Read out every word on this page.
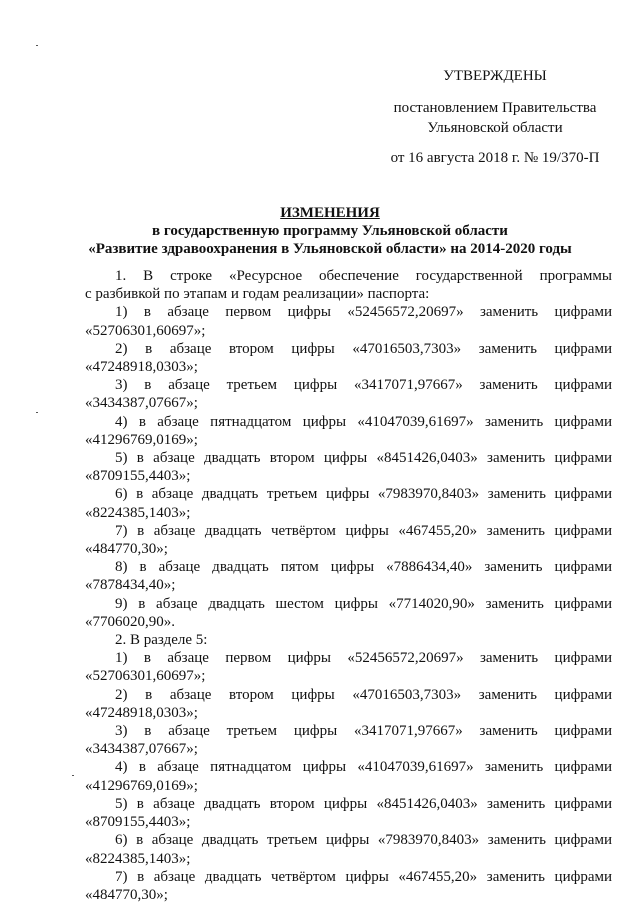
УТВЕРЖДЕНЫ
постановлением Правительства
Ульяновской области
от 16 августа 2018 г. № 19/370-П
ИЗМЕНЕНИЯ
в государственную программу Ульяновской области
«Развитие здравоохранения в Ульяновской области» на 2014-2020 годы

1. В строке «Ресурсное обеспечение государственной программы

с разбивкой по этапам и годам реализации» паспорта:

1) в абзаце первом цифры «52456572,20697» заменить цифрами

«52706301,60697»;

2) в абзаце втором цифры «47016503,7303» заменить цифрами

«47248918,0303»;

3) в абзаце третьем цифры «3417071,97667» заменить цифрами

«3434387,07667»;

4) в абзаце пятнадцатом цифры «41047039,61697» заменить цифрами

«41296769,0169»;

5) в абзаце двадцать втором цифры «8451426,0403» заменить цифрами

«8709155,4403»;

6) в абзаце двадцать третьем цифры «7983970,8403» заменить цифрами

«8224385,1403»;

7) в абзаце двадцать четвёртом цифры «467455,20» заменить цифрами

«484770,30»;

8) в абзаце двадцать пятом цифры «7886434,40» заменить цифрами

«7878434,40»;

9) в абзаце двадцать шестом цифры «7714020,90» заменить цифрами

«7706020,90».

2. В разделе 5:

1) в абзаце первом цифры «52456572,20697» заменить цифрами

«52706301,60697»;

2) в абзаце втором цифры «47016503,7303» заменить цифрами

«47248918,0303»;

3) в абзаце третьем цифры «3417071,97667» заменить цифрами

«3434387,07667»;

4) в абзаце пятнадцатом цифры «41047039,61697» заменить цифрами

«41296769,0169»;

5) в абзаце двадцать втором цифры «8451426,0403» заменить цифрами

«8709155,4403»;

6) в абзаце двадцать третьем цифры «7983970,8403» заменить цифрами

«8224385,1403»;

7) в абзаце двадцать четвёртом цифры «467455,20» заменить цифрами

«484770,30»;
